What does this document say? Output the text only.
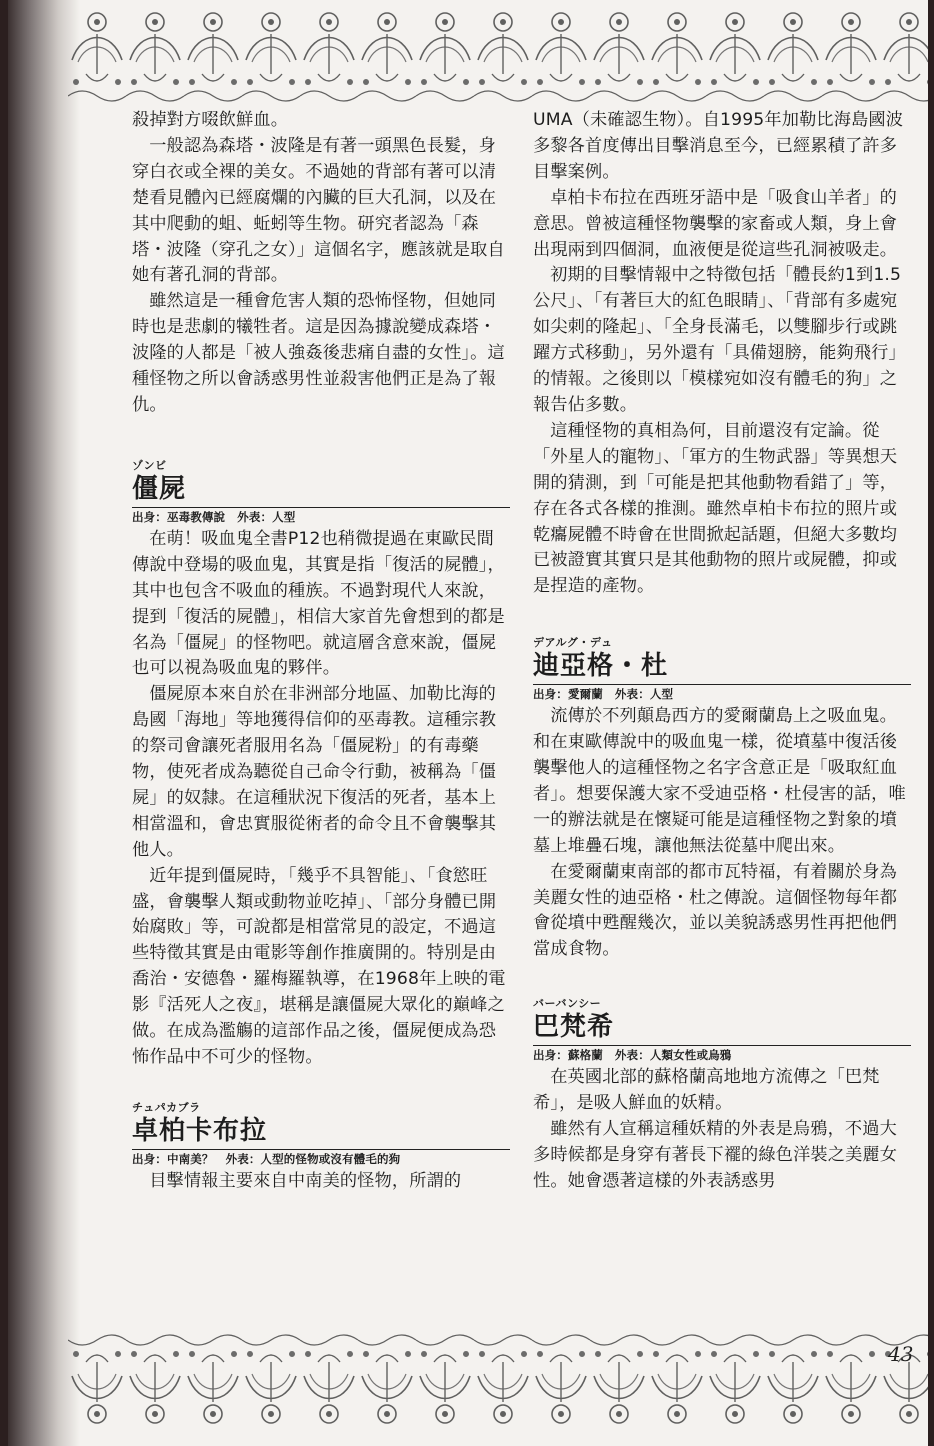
43

殺掉對方啜飲鮮血。

一般認為森塔・波隆是有著一頭黑色長髮，身穿白衣或全裸的美女。不過她的背部有著可以清楚看見體內已經腐爛的內臟的巨大孔洞，以及在其中爬動的蛆、蚯蚓等生物。研究者認為「森塔・波隆（穿孔之女）」這個名字，應該就是取自她有著孔洞的背部。

雖然這是一種會危害人類的恐怖怪物，但她同時也是悲劇的犧牲者。這是因為據說變成森塔・波隆的人都是「被人強姦後悲痛自盡的女性」。這種怪物之所以會誘惑男性並殺害他們正是為了報仇。

ゾンビ
僵屍
出身：巫毒教傳說 外表：人型

在萌！吸血鬼全書P12也稍微提過在東歐民間傳說中登場的吸血鬼，其實是指「復活的屍體」，其中也包含不吸血的種族。不過對現代人來說，提到「復活的屍體」，相信大家首先會想到的都是名為「僵屍」的怪物吧。就這層含意來說，僵屍也可以視為吸血鬼的夥伴。

僵屍原本來自於在非洲部分地區、加勒比海的島國「海地」等地獲得信仰的巫毒教。這種宗教的祭司會讓死者服用名為「僵屍粉」的有毒藥物，使死者成為聽從自己命令行動，被稱為「僵屍」的奴隸。在這種狀況下復活的死者，基本上相當溫和，會忠實服從術者的命令且不會襲擊其他人。

近年提到僵屍時，「幾乎不具智能」、「食慾旺盛，會襲擊人類或動物並吃掉」、「部分身體已開始腐敗」等，可說都是相當常見的設定，不過這些特徵其實是由電影等創作推廣開的。特別是由喬治・安德魯・羅梅羅執導，在1968年上映的電影『活死人之夜』，堪稱是讓僵屍大眾化的巔峰之做。在成為濫觴的這部作品之後，僵屍便成為恐怖作品中不可少的怪物。

チュパカブラ
卓柏卡布拉
出身：中南美？ 外表：人型的怪物或沒有體毛的狗

目擊情報主要來自中南美的怪物，所謂的

UMA（未確認生物）。自1995年加勒比海島國波多黎各首度傳出目擊消息至今，已經累積了許多目擊案例。

卓柏卡布拉在西班牙語中是「吸食山羊者」的意思。曾被這種怪物襲擊的家畜或人類，身上會出現兩到四個洞，血液便是從這些孔洞被吸走。

初期的目擊情報中之特徵包括「體長約1到1.5公尺」、「有著巨大的紅色眼睛」、「背部有多處宛如尖刺的隆起」、「全身長滿毛，以雙腳步行或跳躍方式移動」，另外還有「具備翅膀，能夠飛行」的情報。之後則以「模樣宛如沒有體毛的狗」之報告佔多數。

這種怪物的真相為何，目前還沒有定論。從「外星人的寵物」、「軍方的生物武器」等異想天開的猜測，到「可能是把其他動物看錯了」等，存在各式各樣的推測。雖然卓柏卡布拉的照片或乾癟屍體不時會在世間掀起話題，但絕大多數均已被證實其實只是其他動物的照片或屍體，抑或是捏造的產物。

デアルグ・デュ
迪亞格・杜
出身：愛爾蘭 外表：人型

流傳於不列顛島西方的愛爾蘭島上之吸血鬼。和在東歐傳說中的吸血鬼一樣，從墳墓中復活後襲擊他人的這種怪物之名字含意正是「吸取紅血者」。想要保護大家不受迪亞格・杜侵害的話，唯一的辦法就是在懷疑可能是這種怪物之對象的墳墓上堆疊石塊，讓他無法從墓中爬出來。

在愛爾蘭東南部的都市瓦特福，有着關於身為美麗女性的迪亞格・杜之傳說。這個怪物每年都會從墳中甦醒幾次，並以美貌誘惑男性再把他們當成食物。

バーバンシー
巴梵希
出身：蘇格蘭 外表：人類女性或烏鴉

在英國北部的蘇格蘭高地地方流傳之「巴梵希」，是吸人鮮血的妖精。

雖然有人宣稱這種妖精的外表是烏鴉，不過大多時候都是身穿有著長下襬的綠色洋裝之美麗女性。她會憑著這樣的外表誘惑男
